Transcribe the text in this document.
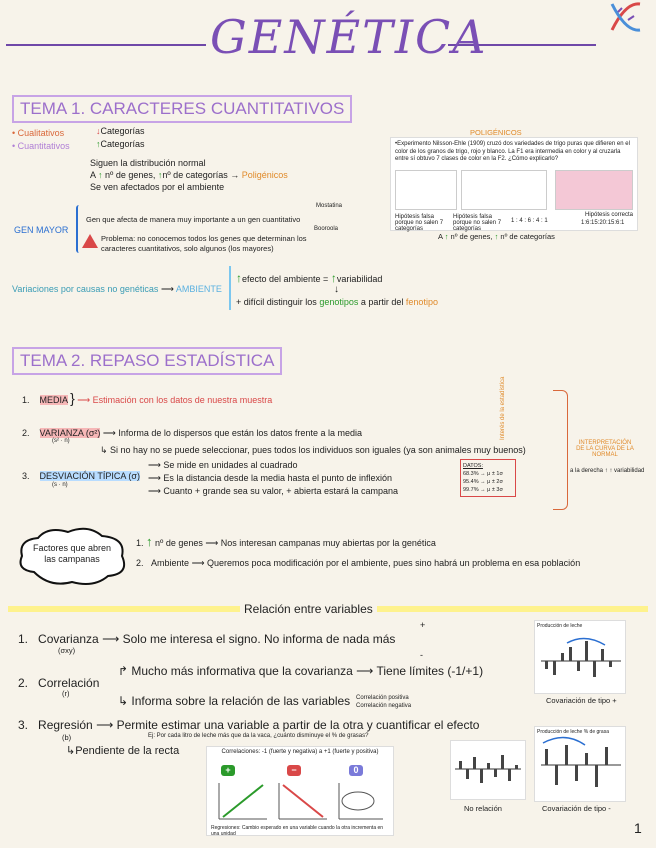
GENÉTICA
TEMA 1. CARACTERES CUANTITATIVOS
• Cualitativos
• Cuantitativos
↓Categorías
↑Categorías
Siguen la distribución normal
A ↑ nº de genes, ↑nº de categorías → Poligénicos
Se ven afectados por el ambiente
GEN MAYOR
Gen que afecta de manera muy importante a un gen cuantitativo
Mostatina
Booroola
Problema: no conocemos todos los genes que determinan los caracteres cuantitativos, solo algunos (los mayores)
Variaciones por causas no genéticas ⟶ AMBIENTE
↑efecto del ambiente = ↑variabilidad
↓
+ difícil distinguir los genotipos a partir del fenotipo
POLIGÉNICOS
•Experimento Nilsson-Ehle (1909) cruzó dos variedades de trigo puras que difieren en el color de los granos de trigo, rojo y blanco. La F1 era intermedia en color y al cruzarla entre sí obtuvo 7 clases de color en la F2. ¿Cómo explicarlo?
Hipótesis falsa porque no salen 7 categorías
Hipótesis falsa porque no salen 7 categorías
1 : 4 : 6 : 4 : 1
Hipótesis correcta
1:6:15:20:15:6:1
A ↑ nº de genes, ↑ nº de categorías
TEMA 2. REPASO ESTADÍSTICA
1. MEDIA } ⟶ Estimación con los datos de nuestra muestra
2. VARIANZA (σ²) ⟶ Informa de lo dispersos que están los datos frente a la media
(s² · n)
↳ Si no hay no se puede seleccionar, pues todos los individuos son iguales (ya son animales muy buenos)
3. DESVIACIÓN TÍPICA (σ)
(s · n)
⟶ Se mide en unidades al cuadrado
⟶ Es la distancia desde la media hasta el punto de inflexión
⟶ Cuanto + grande sea su valor, + abierta estará la campana
DATOS:
68.3% → μ ± 1σ
95.4% → μ ± 2σ
99.7% → μ ± 3σ
Interés de la estadística
INTERPRETACIÓN DE LA CURVA DE LA NORMAL
a la derecha ↑ ↑ variabilidad
Factores que abren las campanas
1. ↑ nº de genes ⟶ Nos interesan campanas muy abiertas por la genética
2. Ambiente ⟶ Queremos poca modificación por el ambiente, pues sino habrá un problema en esa población
Relación entre variables
1. Covarianza ⟶ Solo me interesa el signo. No informa de nada más
(σxy)
+
-
2. Correlación
(r)
↱ Mucho más informativa que la covarianza ⟶ Tiene límites (-1/+1)
↳ Informa sobre la relación de las variables Correlación positiva
Correlación negativa
3. Regresión ⟶ Permite estimar una variable a partir de la otra y cuantificar el efecto
(b)	Ej: Por cada litro de leche más que da la vaca, ¿cuánto disminuye el % de grasas?
↳Pendiente de la recta	Correlaciones: -1 (fuerte y negativa) a +1 (fuerte y positiva)
+	−	0
Regresiones: Cambio esperado en una variable cuando la otra incrementa en una unidad
Producción de leche
Covariación de tipo +
No relación
Producción de leche % de grasa
Covariación de tipo -
1
